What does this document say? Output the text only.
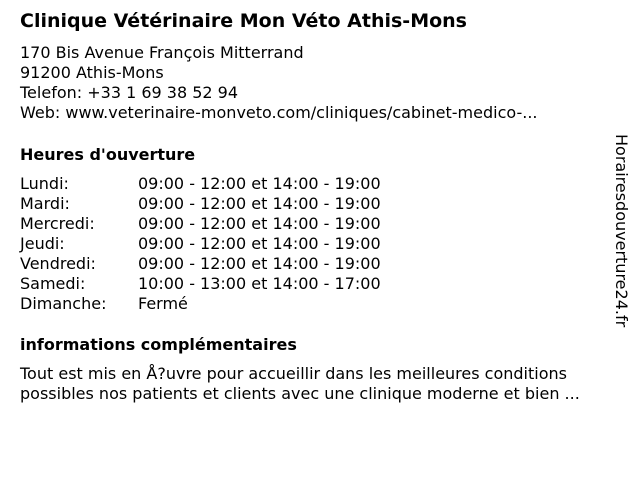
Clinique Vétérinaire Mon Véto Athis-Mons
170 Bis Avenue François Mitterrand
91200 Athis-Mons
Telefon: +33 1 69 38 52 94
Web: www.veterinaire-monveto.com/cliniques/cabinet-medico-...
Heures d'ouverture
Lundi:	09:00 - 12:00 et 14:00 - 19:00
Mardi:	09:00 - 12:00 et 14:00 - 19:00
Mercredi:	09:00 - 12:00 et 14:00 - 19:00
Jeudi:	09:00 - 12:00 et 14:00 - 19:00
Vendredi:	09:00 - 12:00 et 14:00 - 19:00
Samedi:	10:00 - 13:00 et 14:00 - 17:00
Dimanche:	Fermé
informations complémentaires
Tout est mis en Å?uvre pour accueillir dans les meilleures conditions
possibles nos patients et clients avec une clinique moderne et bien ...
Horairesdouverture24.fr
